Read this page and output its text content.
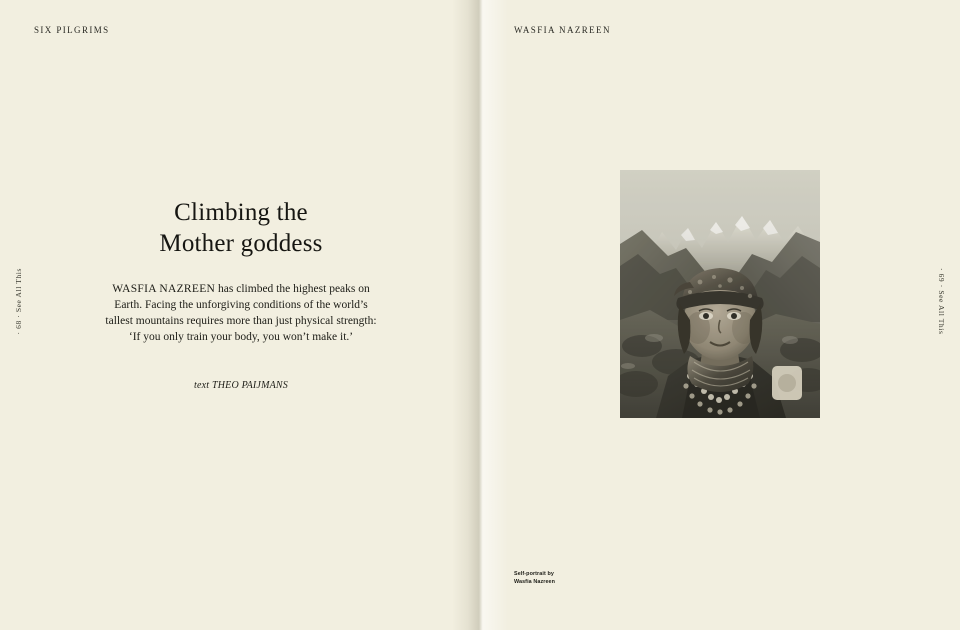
SIX PILGRIMS
· 68 · See All This
Climbing the
Mother goddess
WASFIA NAZREEN has climbed the highest peaks on Earth. Facing the unforgiving conditions of the world’s tallest mountains requires more than just physical strength: ‘If you only train your body, you won’t make it.’
text THEO PAIJMANS
WASFIA NAZREEN
· 69 · See All This
Self-portrait by
Wasfia Nazreen
